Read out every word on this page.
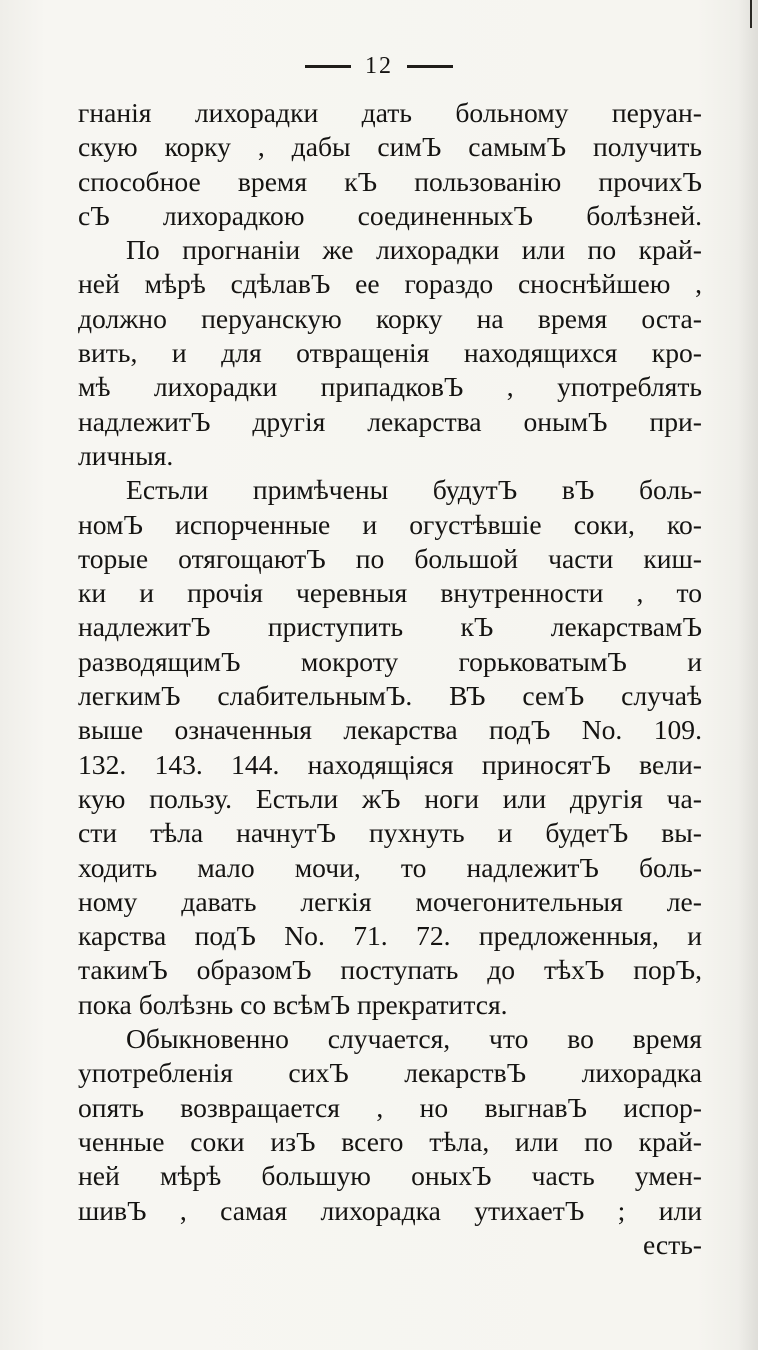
12
гнанія лихорадки дать больному перуан-
скую корку , дабы симЪ самымЪ получить
способное время кЪ пользованію прочихЪ
сЪ лихорадкою соединенныхЪ болѣзней.
По прогнаніи же лихорадки или по край-
ней мѣрѣ сдѣлавЪ ее гораздо сноснѣйшею ,
должно перуанскую корку на время оста-
вить, и для отвращенія находящихся кро-
мѣ лихорадки припадковЪ , употреблять
надлежитЪ другія лекарства онымЪ при-
личныя.
Естьли примѣчены будутЪ вЪ боль-
номЪ испорченные и огустѣвшіе соки, ко-
торые отягощаютЪ по большой части киш-
ки и прочія черевныя внутренности , то
надлежитЪ приступить кЪ лекарствамЪ
разводящимЪ мокроту горьковатымЪ и
легкимЪ слабительнымЪ. ВЪ семЪ случаѣ
выше означенныя лекарства подЪ No. 109.
132. 143. 144. находящіяся приносятЪ вели-
кую пользу. Естьли жЪ ноги или другія ча-
сти тѣла начнутЪ пухнуть и будетЪ вы-
ходить мало мочи, то надлежитЪ боль-
ному давать легкія мочегонительныя ле-
карства подЪ No. 71. 72. предложенныя, и
такимЪ образомЪ поступать до тѣхЪ порЪ,
пока болѣзнь со всѣмЪ прекратится.
Обыкновенно случается, что во время
употребленія сихЪ лекарствЪ лихорадка
опять возвращается , но выгнавЪ испор-
ченные соки изЪ всего тѣла, или по край-
ней мѣрѣ большую оныхЪ часть умен-
шивЪ , самая лихорадка утихаетЪ ; или
есть-
